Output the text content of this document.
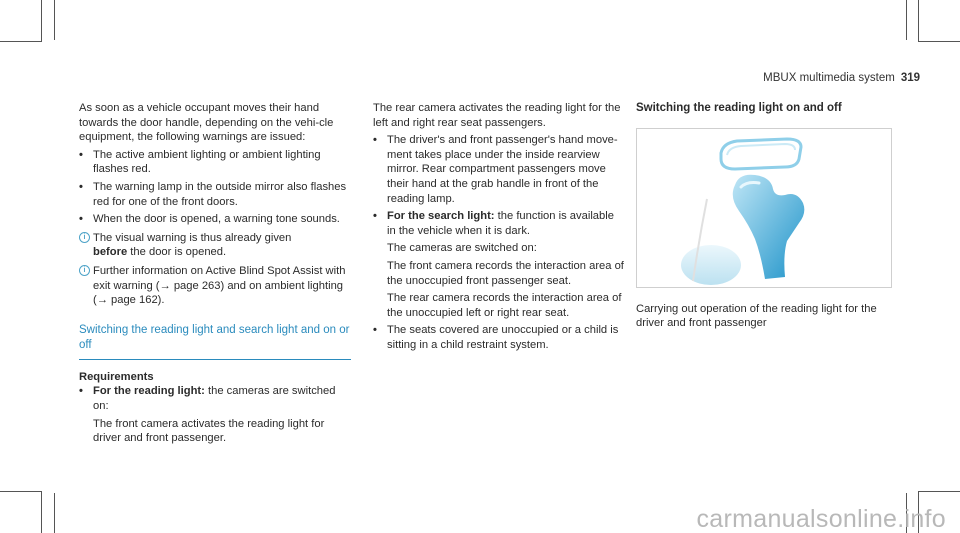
MBUX multimedia system 319

As soon as a vehicle occupant moves their hand towards the door handle, depending on the vehi-cle equipment, the following warnings are issued:

• The active ambient lighting or ambient lighting flashes red.
• The warning lamp in the outside mirror also flashes red for one of the front doors.
• When the door is opened, a warning tone sounds.
i The visual warning is thus already given
before the door is opened.
i Further information on Active Blind Spot Assist with exit warning (→ page 263) and on ambient lighting (→ page 162).
Switching the reading light and search light and on or off

Requirements

• For the reading light: the cameras are switched on:

The front camera activates the reading light for driver and front passenger.

The rear camera activates the reading light for the left and right rear seat passengers.

• The driver's and front passenger's hand move-ment takes place under the inside rearview mirror. Rear compartment passengers move their hand at the grab handle in front of the reading lamp.
• For the search light: the function is available in the vehicle when it is dark.

The cameras are switched on:

The front camera records the interaction area of the unoccupied front passenger seat.

The rear camera records the interaction area of the unoccupied left or right rear seat.

• The seats covered are unoccupied or a child is sitting in a child restraint system.

Switching the reading light on and off

Carrying out operation of the reading light for the driver and front passenger

carmanualsonline.info
